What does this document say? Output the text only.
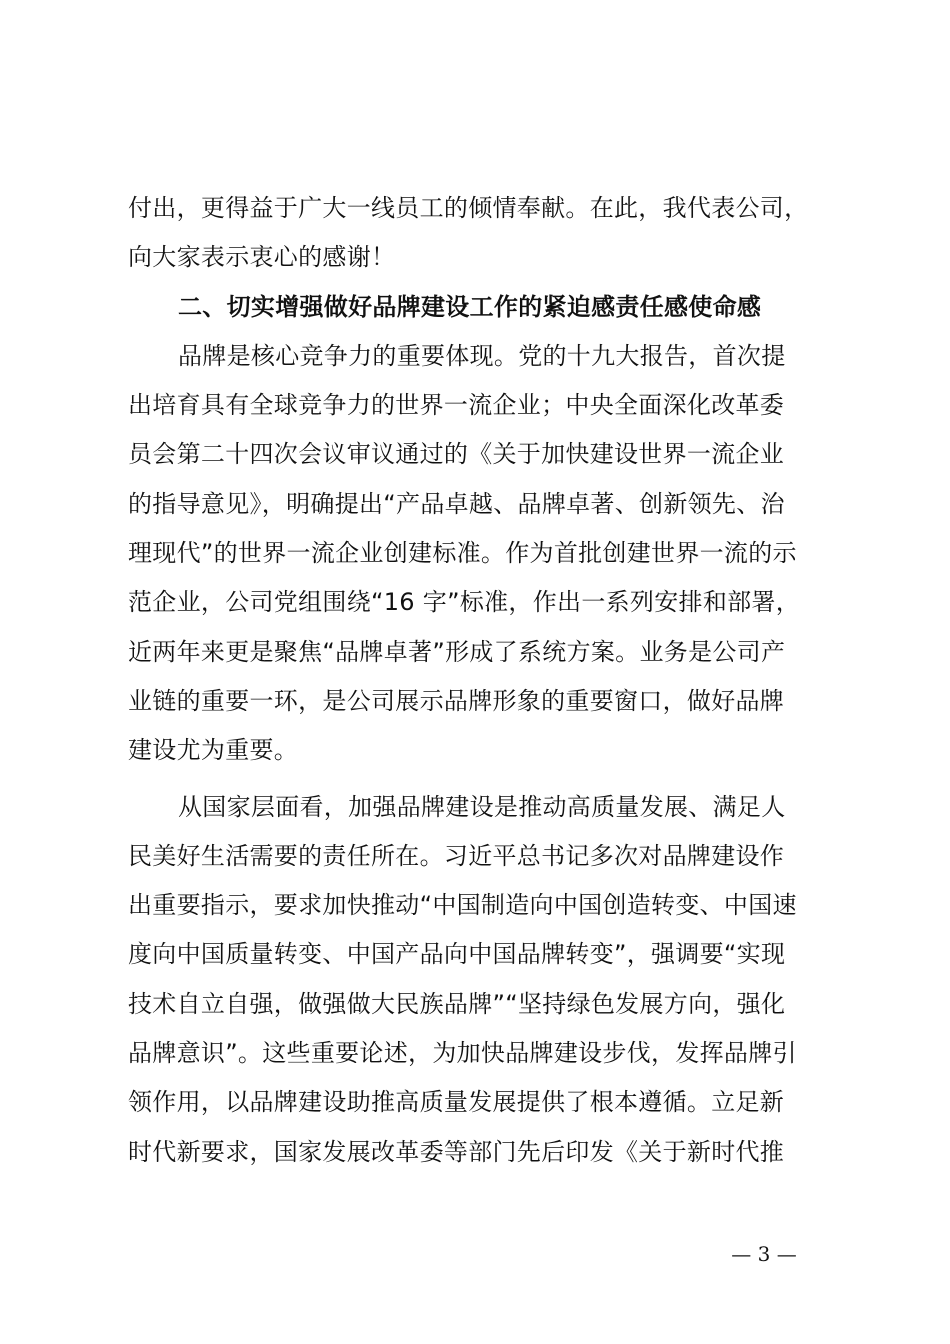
付出，更得益于广大一线员工的倾情奉献。在此，我代表公司，
向大家表示衷心的感谢！
二、切实增强做好品牌建设工作的紧迫感责任感使命感
品牌是核心竞争力的重要体现。党的十九大报告，首次提
出培育具有全球竞争力的世界一流企业；中央全面深化改革委
员会第二十四次会议审议通过的《关于加快建设世界一流企业
的指导意见》，明确提出“产品卓越、品牌卓著、创新领先、治
理现代”的世界一流企业创建标准。作为首批创建世界一流的示
范企业，公司党组围绕“16 字”标准，作出一系列安排和部署，
近两年来更是聚焦“品牌卓著”形成了系统方案。业务是公司产
业链的重要一环，是公司展示品牌形象的重要窗口，做好品牌
建设尤为重要。
从国家层面看，加强品牌建设是推动高质量发展、满足人
民美好生活需要的责任所在。习近平总书记多次对品牌建设作
出重要指示，要求加快推动“中国制造向中国创造转变、中国速
度向中国质量转变、中国产品向中国品牌转变”，强调要“实现
技术自立自强，做强做大民族品牌”“坚持绿色发展方向，强化
品牌意识”。这些重要论述，为加快品牌建设步伐，发挥品牌引
领作用，以品牌建设助推高质量发展提供了根本遵循。立足新
时代新要求，国家发展改革委等部门先后印发《关于新时代推
— 3 —
